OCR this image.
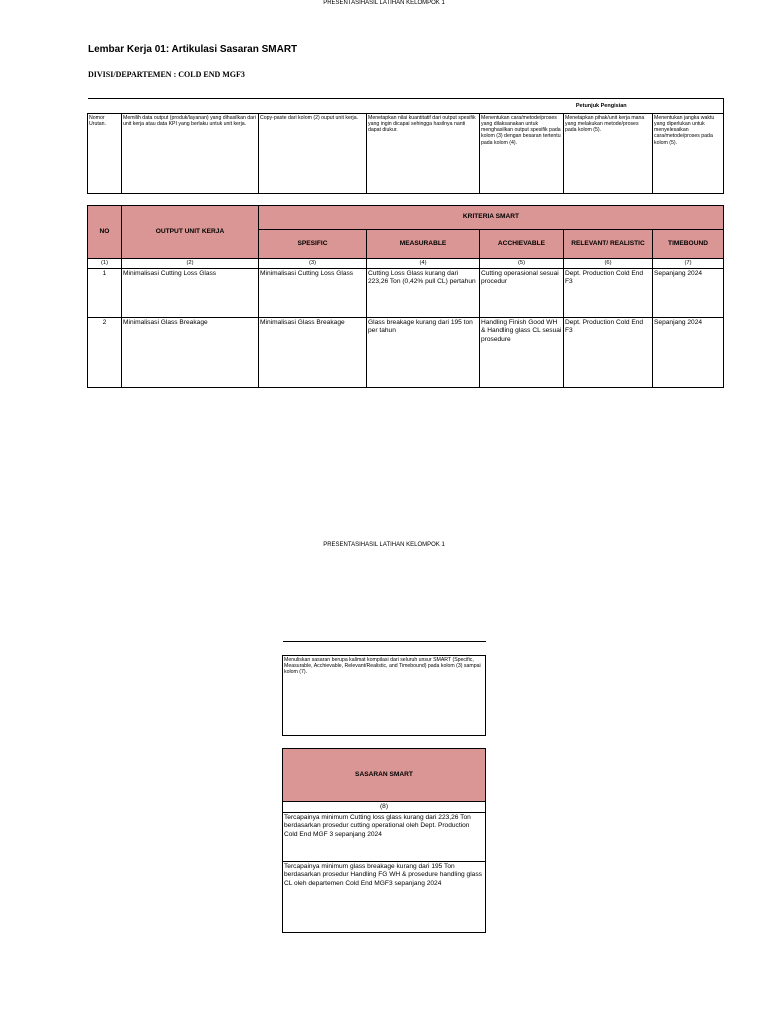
PRESENTASIHASIL LATIHAN KELOMPOK 1
Lembar Kerja 01: Artikulasi Sasaran SMART
DIVISI/DEPARTEMEN : COLD END MGF3
				Petunjuk Pengisian		
Nomor Urutan.	Memilih data output (produk/layanan) yang dihasilkan dari unit kerja atau data KPI yang berlaku untuk unit kerja.	Copy-paste dari kolom (2) ouput unit kerja.	Menetapkan nilai kuantitatif dari output spesifik yang ingin dicapai sehingga hasilnya nanti dapat diukur.	Menentukan cara/metode/proses yang dilaksanakan untuk menghasilkan output spesifik pada kolom (3) dengan besaran tertentu pada kolom (4).	Menetapkan pihak/unit kerja mana yang melakukan metode/proses pada kolom (5).	Menentukan jangka waktu yang diperlukan untuk menyelesaikan cara/metode/proses pada kolom (5).
NO	OUTPUT UNIT KERJA	KRITERIA SMART				
		SPESIFIC	MEASURABLE	ACCHIEVABLE	RELEVANT/ REALISTIC	TIMEBOUND
(1)	(2)	(3)	(4)	(5)	(6)	(7)
1	Minimalisasi Cutting Loss Glass	Minimalisasi Cutting Loss Glass	Cutting Loss Glass kurang dari 223,26 Ton (0,42% pull CL) pertahun	Cutting operasional sesuai procedur	Dept. Production Cold End F3	Sepanjang 2024
2	Minimalisasi Glass Breakage	Minimalisasi Glass Breakage	Glass breakage kurang dari 195 ton per tahun	Handling Finish Good WH & Handling glass CL sesuai prosedure	Dept. Production Cold End F3	Sepanjang 2024
PRESENTASIHASIL LATIHAN KELOMPOK 1

Menuliskan sasaran berupa kalimat kompilasi dari seluruh unsur SMART (Specific, Measurable, Acchievable, Relevant/Realistic, and Timebound) pada kolom (3) sampai kolom (7).
SASARAN SMART
(8)
Tercapainya minimum Cutting loss glass kurang dari 223,26 Ton berdasarkan prosedur cutting operational oleh Dept. Production Cold End MGF 3 sepanjang 2024
Tercapainya minimum glass breakage kurang dari 195 Ton berdasarkan prosedur Handling FG WH & prosedure handling glass CL oleh departemen Cold End MGF3 sepanjang 2024
